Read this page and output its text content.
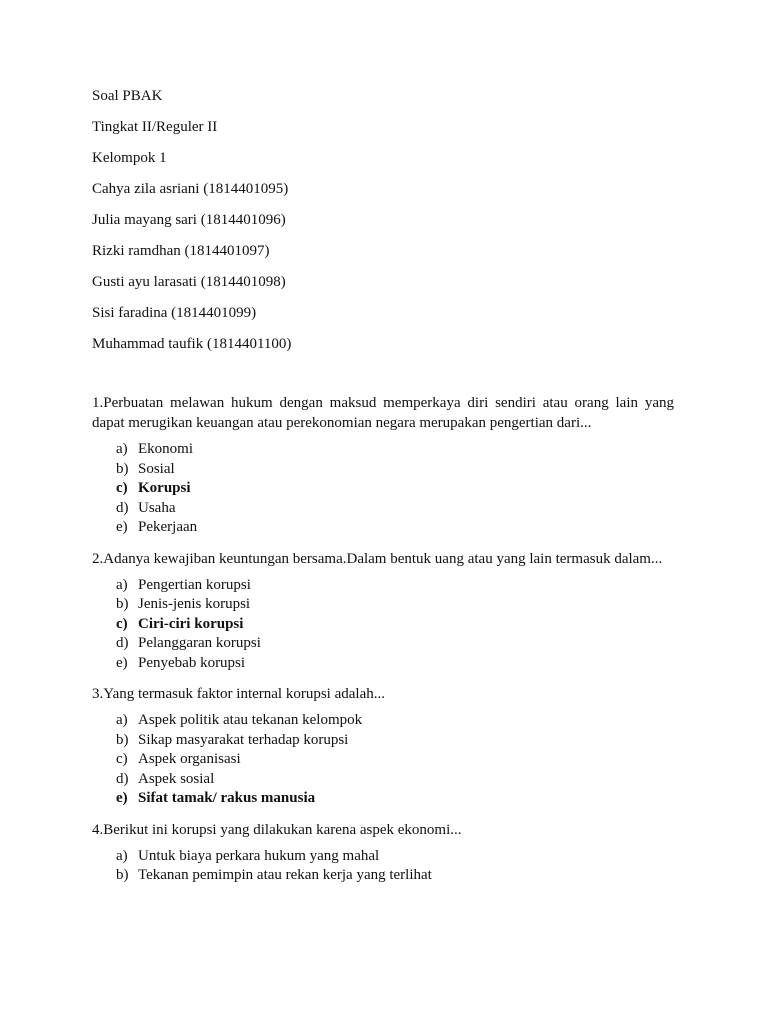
Soal PBAK
Tingkat II/Reguler II
Kelompok 1
Cahya zila asriani (1814401095)
Julia mayang sari (1814401096)
Rizki ramdhan (1814401097)
Gusti ayu larasati (1814401098)
Sisi faradina (1814401099)
Muhammad taufik (1814401100)
1.Perbuatan melawan hukum dengan maksud memperkaya diri sendiri atau orang lain yang dapat merugikan keuangan atau perekonomian negara merupakan pengertian dari...
a) Ekonomi
b) Sosial
c) Korupsi
d) Usaha
e) Pekerjaan
2.Adanya kewajiban keuntungan bersama.Dalam bentuk uang atau yang lain termasuk dalam...
a) Pengertian korupsi
b) Jenis-jenis korupsi
c) Ciri-ciri korupsi
d) Pelanggaran korupsi
e) Penyebab korupsi
3.Yang termasuk faktor internal korupsi adalah...
a) Aspek politik atau tekanan kelompok
b) Sikap masyarakat terhadap korupsi
c) Aspek organisasi
d) Aspek sosial
e) Sifat tamak/ rakus manusia
4.Berikut ini korupsi yang dilakukan karena aspek ekonomi...
a) Untuk biaya perkara hukum yang mahal
b) Tekanan pemimpin atau rekan kerja yang terlihat
